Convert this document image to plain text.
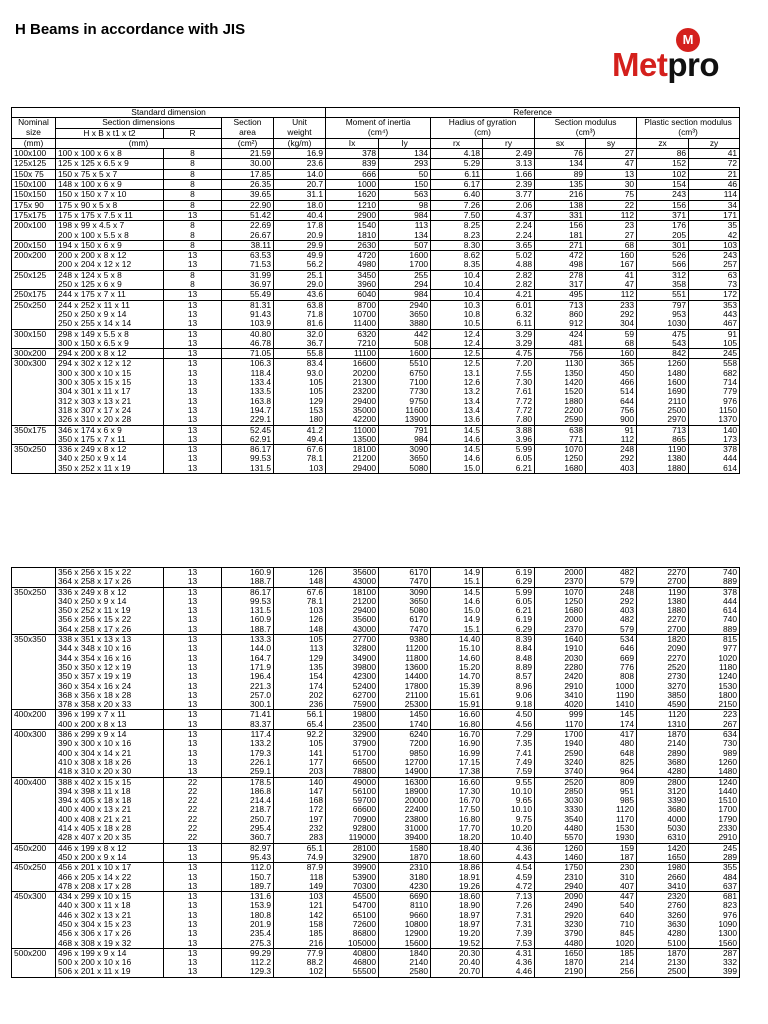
H Beams in accordance with JIS
M
Metpro
Standard dimension					Reference							
Nominal	Section dimensions		Section	Unit	Moment of inertia		Hadius of gyration		Section modulus		Plastic section modulus	
size	H x B x t1 x t2	R	area	weight	(cm⁴)		(cm)		(cm³)		(cm³)	
(mm)	(mm)		(cm²)	(kg/m)	Ix	Iy	rx	ry	sx	sy	zx	zy
100x100	100 x 100 x 6 x 8	8	21.59	16.9	378	134	4.18	2.49	76	27	86	41
125x125	125 x 125 x 6.5 x 9	8	30.00	23.6	839	293	5.29	3.13	134	47	152	72
150x 75	150 x 75 x 5 x 7	8	17.85	14.0	666	50	6.11	1.66	89	13	102	21
150x100	148 x 100 x 6 x 9	8	26.35	20.7	1000	150	6.17	2.39	135	30	154	46
150x150	150 x 150 x 7 x 10	8	39.65	31.1	1620	563	6.40	3.77	216	75	243	114
175x 90	175 x 90 x 5 x 8	8	22.90	18.0	1210	98	7.26	2.06	138	22	156	34
175x175	175 x 175 x 7.5 x 11	13	51.42	40.4	2900	984	7.50	4.37	331	112	371	171
200x100	198 x 99 x 4.5 x 7	8	22.69	17.8	1540	113	8.25	2.24	156	23	176	35
	200 x 100 x 5.5 x 8	8	26.67	20.9	1810	134	8.23	2.24	181	27	205	42
200x150	194 x 150 x 6 x 9	8	38.11	29.9	2630	507	8.30	3.65	271	68	301	103
200x200	200 x 200 x 8 x 12	13	63.53	49.9	4720	1600	8.62	5.02	472	160	526	243
	200 x 204 x 12 x 12	13	71.53	56.2	4980	1700	8.35	4.88	498	167	566	257
250x125	248 x 124 x 5 x 8	8	31.99	25.1	3450	255	10.4	2.82	278	41	312	63
	250 x 125 x 6 x 9	8	36.97	29.0	3960	294	10.4	2.82	317	47	358	73
250x175	244 x 175 x 7 x 11	13	55.49	43.6	6040	984	10.4	4.21	495	112	551	172
250x250	244 x 252 x 11 x 11	13	81.31	63.8	8700	2940	10.3	6.01	713	233	797	353
	250 x 250 x 9 x 14	13	91.43	71.8	10700	3650	10.8	6.32	860	292	953	443
	250 x 255 x 14 x 14	13	103.9	81.6	11400	3880	10.5	6.11	912	304	1030	467
300x150	298 x 149 x 5.5 x 8	13	40.80	32.0	6320	442	12.4	3.29	424	59	475	91
	300 x 150 x 6.5 x 9	13	46.78	36.7	7210	508	12.4	3.29	481	68	543	105
300x200	294 x 200 x 8 x 12	13	71.05	55.8	11100	1600	12.5	4.75	756	160	842	245
300x300	294 x 302 x 12 x 12	13	106.3	83.4	16600	5510	12.5	7.20	1130	365	1260	558
	300 x 300 x 10 x 15	13	118.4	93.0	20200	6750	13.1	7.55	1350	450	1480	682
	300 x 305 x 15 x 15	13	133.4	105	21300	7100	12.6	7.30	1420	466	1600	714
	304 x 301 x 11 x 17	13	133.5	105	23200	7730	13.2	7.61	1520	514	1690	779
	312 x 303 x 13 x 21	13	163.8	129	29400	9750	13.4	7.72	1880	644	2110	976
	318 x 307 x 17 x 24	13	194.7	153	35000	11600	13.4	7.72	2200	756	2500	1150
	326 x 310 x 20 x 28	13	229.1	180	42200	13900	13.6	7.80	2590	900	2970	1370
350x175	346 x 174 x 6 x 9	13	52.45	41.2	11000	791	14.5	3.88	638	91	713	140
	350 x 175 x 7 x 11	13	62.91	49.4	13500	984	14.6	3.96	771	112	865	173
350x250	336 x 249 x 8 x 12	13	86.17	67.6	18100	3090	14.5	5.99	1070	248	1190	378
	340 x 250 x 9 x 14	13	99.53	78.1	21200	3650	14.6	6.05	1250	292	1380	444
	350 x 252 x 11 x 19	13	131.5	103	29400	5080	15.0	6.21	1680	403	1880	614
	356 x 256 x 15 x 22	13	160.9	126	35600	6170	14.9	6.19	2000	482	2270	740
	364 x 258 x 17 x 26	13	188.7	148	43000	7470	15.1	6.29	2370	579	2700	889
350x250	336 x 249 x 8 x 12	13	86.17	67.6	18100	3090	14.5	5.99	1070	248	1190	378
	340 x 250 x 9 x 14	13	99.53	78.1	21200	3650	14.6	6.05	1250	292	1380	444
	350 x 252 x 11 x 19	13	131.5	103	29400	5080	15.0	6.21	1680	403	1880	614
	356 x 256 x 15 x 22	13	160.9	126	35600	6170	14.9	6.19	2000	482	2270	740
	364 x 258 x 17 x 26	13	188.7	148	43000	7470	15.1	6.29	2370	579	2700	889
350x350	338 x 351 x 13 x 13	13	133.3	105	27700	9380	14.40	8.39	1640	534	1820	815
	344 x 348 x 10 x 16	13	144.0	113	32800	11200	15.10	8.84	1910	646	2090	977
	344 x 354 x 16 x 16	13	164.7	129	34900	11800	14.60	8.48	2030	669	2270	1020
	350 x 350 x 12 x 19	13	171.9	135	39800	13600	15.20	8.89	2280	776	2520	1180
	350 x 357 x 19 x 19	13	196.4	154	42300	14400	14.70	8.57	2420	808	2730	1240
	360 x 354 x 16 x 24	13	221.3	174	52400	17800	15.39	8.96	2910	1000	3270	1530
	368 x 356 x 18 x 28	13	257.0	202	62700	21100	15.61	9.06	3410	1190	3850	1800
	378 x 358 x 20 x 33	13	300.1	236	75900	25300	15.91	9.18	4020	1410	4590	2150
400x200	396 x 199 x 7 x 11	13	71.41	56.1	19800	1450	16.60	4.50	999	145	1120	223
	400 x 200 x 8 x 13	13	83.37	65.4	23500	1740	16.80	4.56	1170	174	1310	267
400x300	386 x 299 x 9 x 14	13	117.4	92.2	32900	6240	16.70	7.29	1700	417	1870	634
	390 x 300 x 10 x 16	13	133.2	105	37900	7200	16.90	7.35	1940	480	2140	730
	400 x 304 x 14 x 21	13	179.3	141	51700	9850	16.99	7.41	2590	648	2890	989
	410 x 308 x 18 x 26	13	226.1	177	66500	12700	17.15	7.49	3240	825	3680	1260
	418 x 310 x 20 x 30	13	259.1	203	78800	14900	17.38	7.59	3740	964	4280	1480
400x400	388 x 402 x 15 x 15	22	178.5	140	49000	16300	16.60	9.55	2520	809	2800	1240
	394 x 398 x 11 x 18	22	186.8	147	56100	18900	17.30	10.10	2850	951	3120	1440
	394 x 405 x 18 x 18	22	214.4	168	59700	20000	16.70	9.65	3030	985	3390	1510
	400 x 400 x 13 x 21	22	218.7	172	66600	22400	17.50	10.10	3330	1120	3680	1700
	400 x 408 x 21 x 21	22	250.7	197	70900	23800	16.80	9.75	3540	1170	4000	1790
	414 x 405 x 18 x 28	22	295.4	232	92800	31000	17.70	10.20	4480	1530	5030	2330
	428 x 407 x 20 x 35	22	360.7	283	119000	39400	18.20	10.40	5570	1930	6310	2910
450x200	446 x 199 x 8 x 12	13	82.97	65.1	28100	1580	18.40	4.36	1260	159	1420	245
	450 x 200 x 9 x 14	13	95.43	74.9	32900	1870	18.60	4.43	1460	187	1650	289
450x250	456 x 201 x 10 x 17	13	112.0	87.9	39900	2310	18.86	4.54	1750	230	1980	355
	466 x 205 x 14 x 22	13	150.7	118	53900	3180	18.91	4.59	2310	310	2660	484
	478 x 208 x 17 x 28	13	189.7	149	70300	4230	19.26	4.72	2940	407	3410	637
450x300	434 x 299 x 10 x 15	13	131.6	103	45500	6690	18.60	7.13	2090	447	2320	681
	440 x 300 x 11 x 18	13	153.9	121	54700	8110	18.90	7.26	2490	540	2760	823
	446 x 302 x 13 x 21	13	180.8	142	65100	9660	18.97	7.31	2920	640	3260	976
	450 x 304 x 15 x 23	13	201.9	158	72600	10800	18.97	7.31	3230	710	3630	1090
	456 x 306 x 17 x 26	13	235.4	185	86800	12900	19.20	7.39	3790	845	4280	1300
	468 x 308 x 19 x 32	13	275.3	216	105000	15600	19.52	7.53	4480	1020	5100	1560
500x200	496 x 199 x 9 x 14	13	99.29	77.9	40800	1840	20.30	4.31	1650	185	1870	287
	500 x 200 x 10 x 16	13	112.2	88.2	46800	2140	20.40	4.36	1870	214	2130	332
	506 x 201 x 11 x 19	13	129.3	102	55500	2580	20.70	4.46	2190	256	2500	399
